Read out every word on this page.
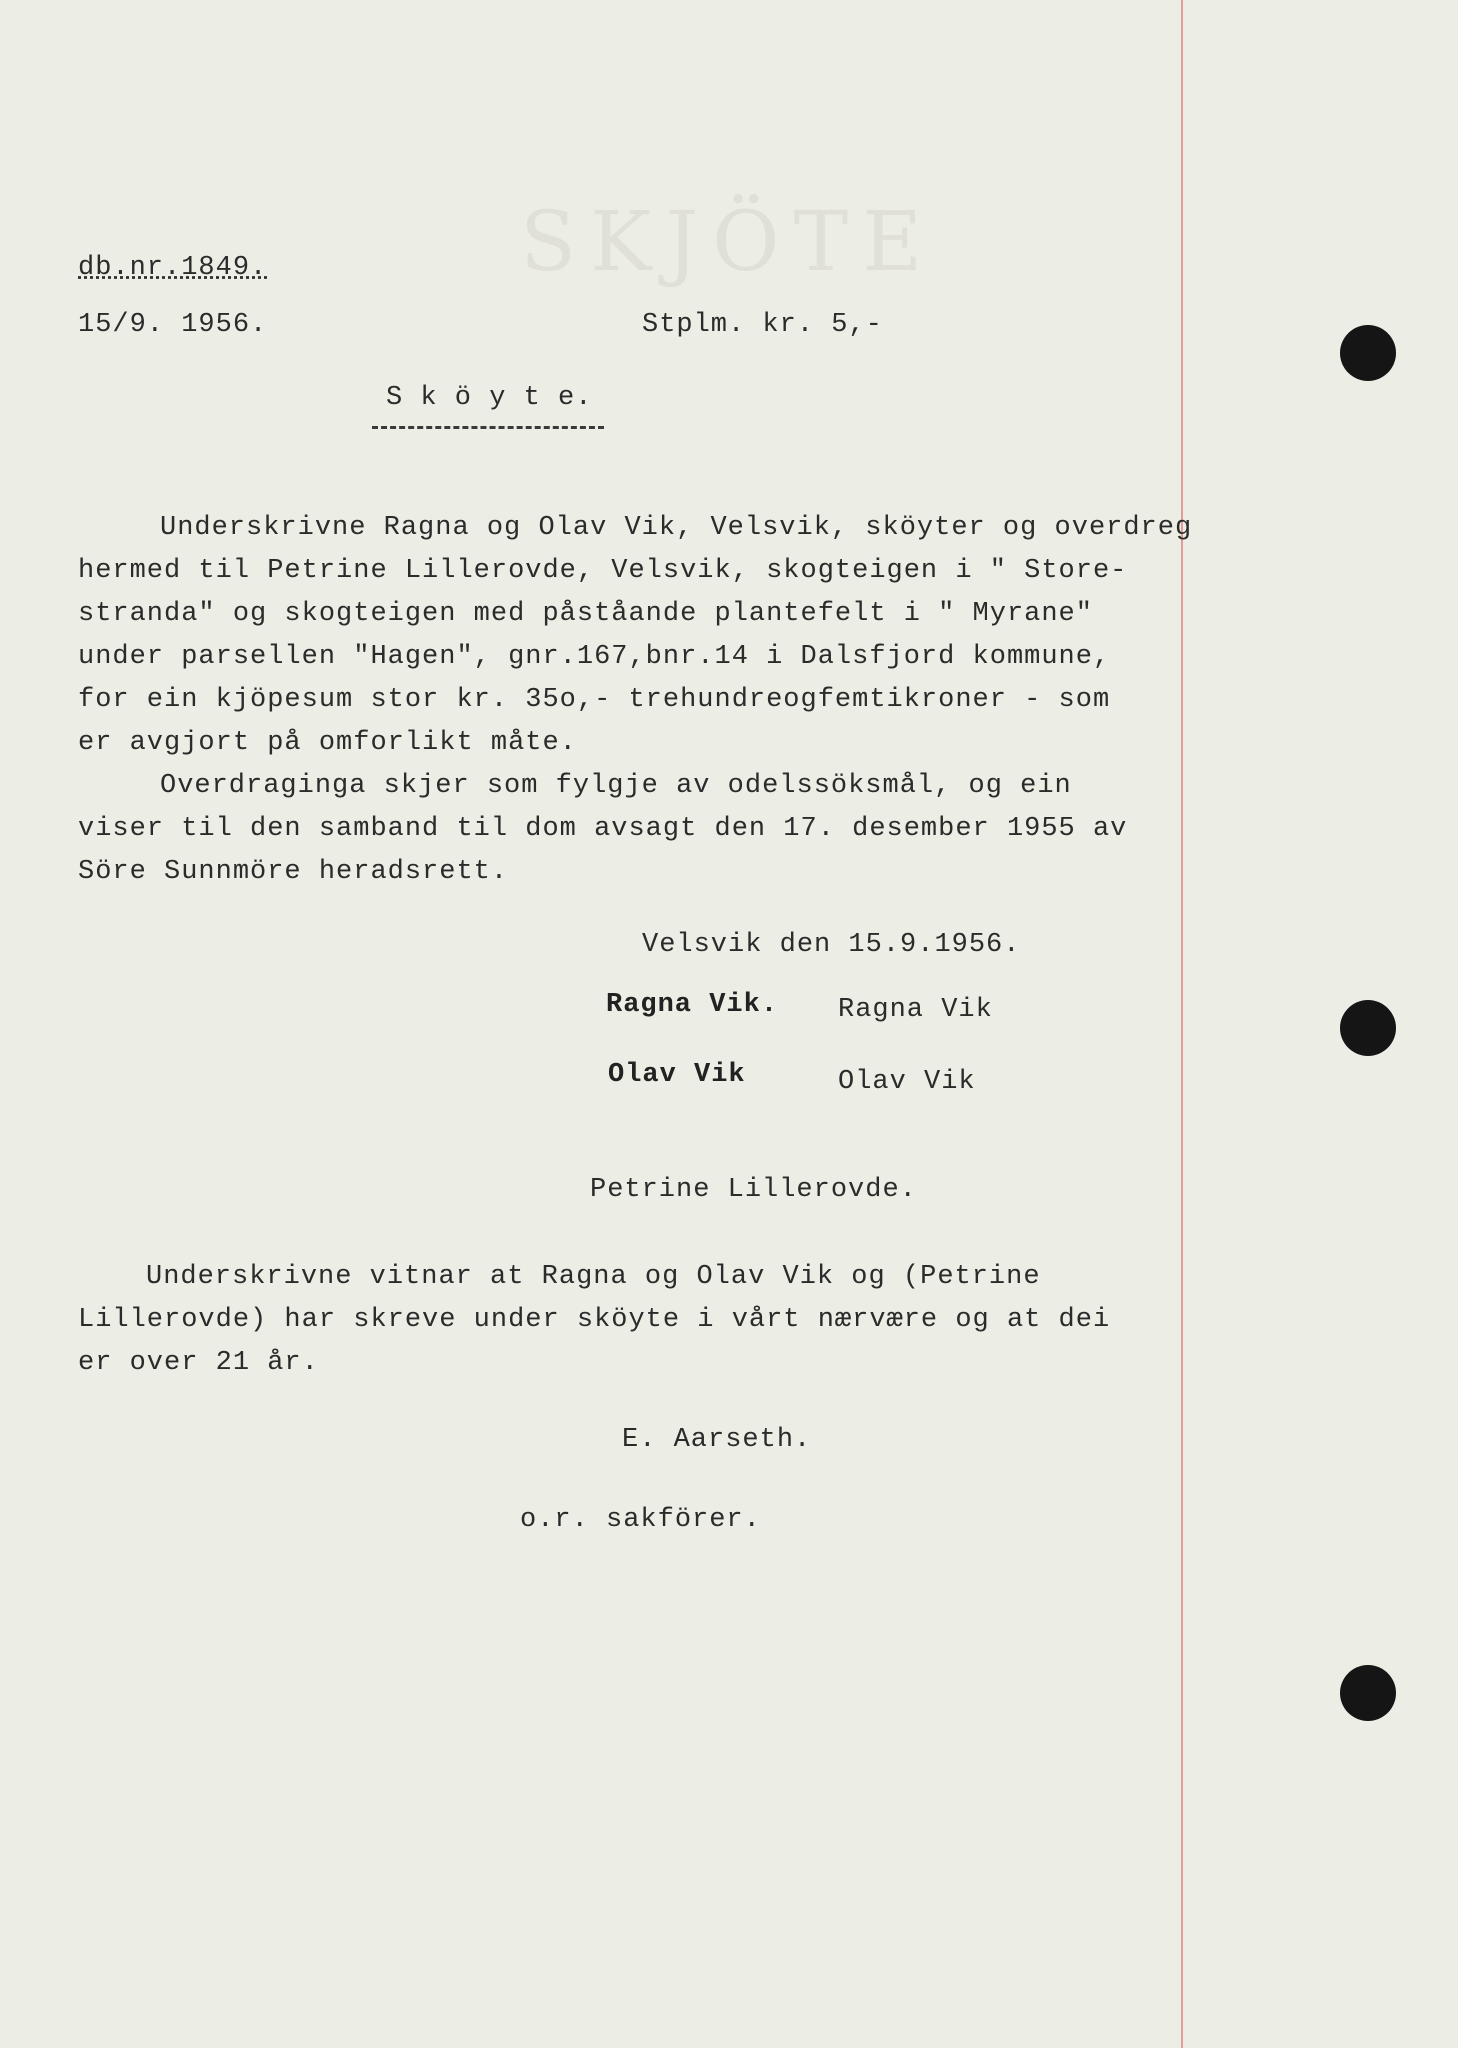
SKJÖTE
db.nr.1849.
15/9. 1956.	Stplm. kr. 5,-
S k ö y t e.
Underskrivne Ragna og Olav Vik, Velsvik, sköyter og overdreg
hermed til Petrine Lillerovde, Velsvik, skogteigen i " Store-
stranda" og skogteigen med påståande plantefelt i " Myrane"
under parsellen "Hagen", gnr.167,bnr.14 i Dalsfjord kommune,
for ein kjöpesum stor kr. 35o,- trehundreogfemtikroner - som
er avgjort på omforlikt måte.
Overdraginga skjer som fylgje av odelssöksmål, og ein
viser til den samband til dom avsagt den 17. desember 1955 av
Söre Sunnmöre heradsrett.
Velsvik den 15.9.1956.
Ragna Vik. Ragna Vik
Olav Vik	Olav Vik
Petrine Lillerovde.
Underskrivne vitnar at Ragna og Olav Vik og (Petrine
Lillerovde) har skreve under sköyte i vårt nærvære og at dei
er over 21 år.
E. Aarseth.
o.r. sakförer.
